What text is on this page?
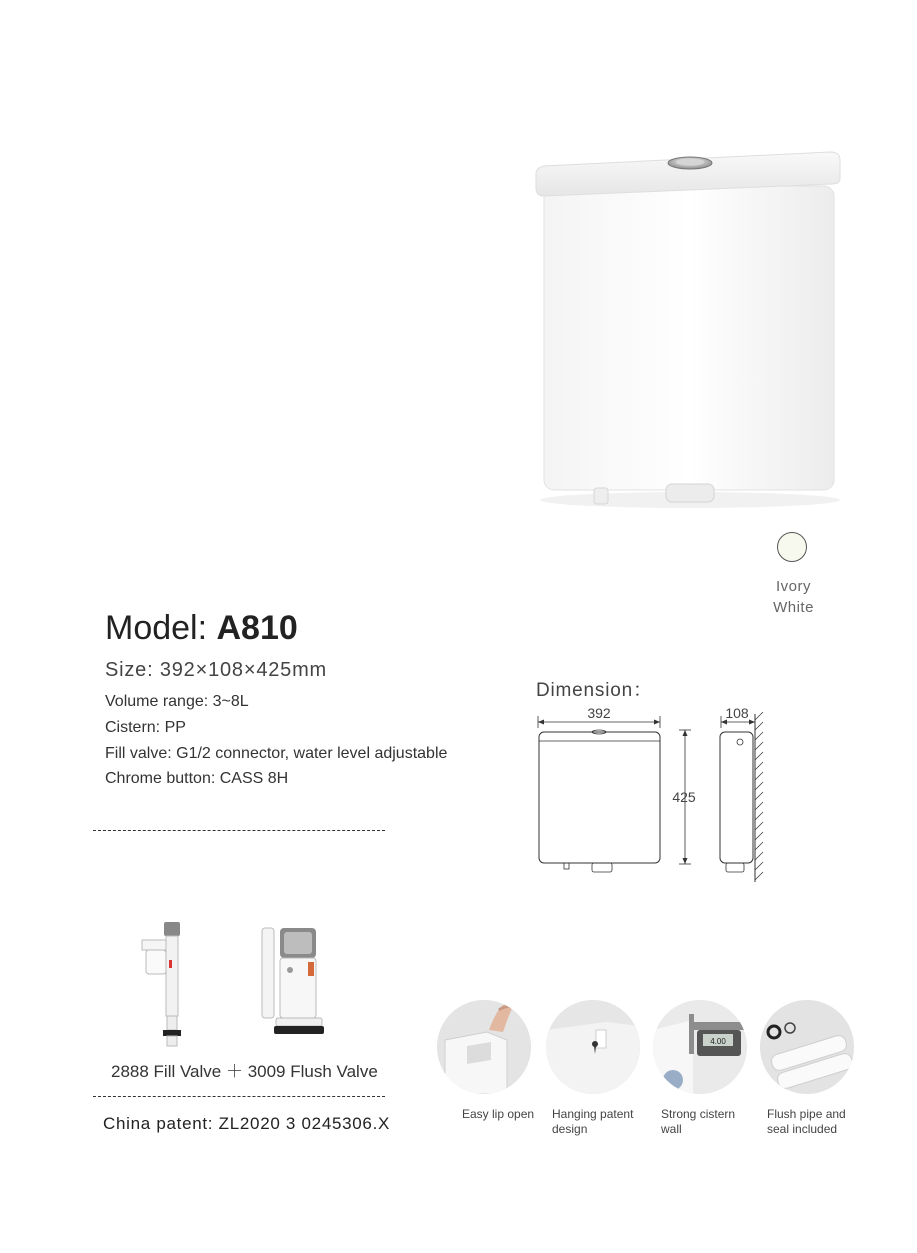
Ivory White
Model: A810
Size: 392×108×425mm
Volume range: 3~8L
Cistern: PP
Fill valve: G1/2 connector, water level adjustable
Chrome button: CASS 8H
Dimension：
392
425
108
2888 Fill Valve ＋ 3009 Flush Valve
China patent: ZL2020 3 0245306.X
4.00
Easy lip open	Hanging patent design
Strong cistern wall
Flush pipe and seal included
